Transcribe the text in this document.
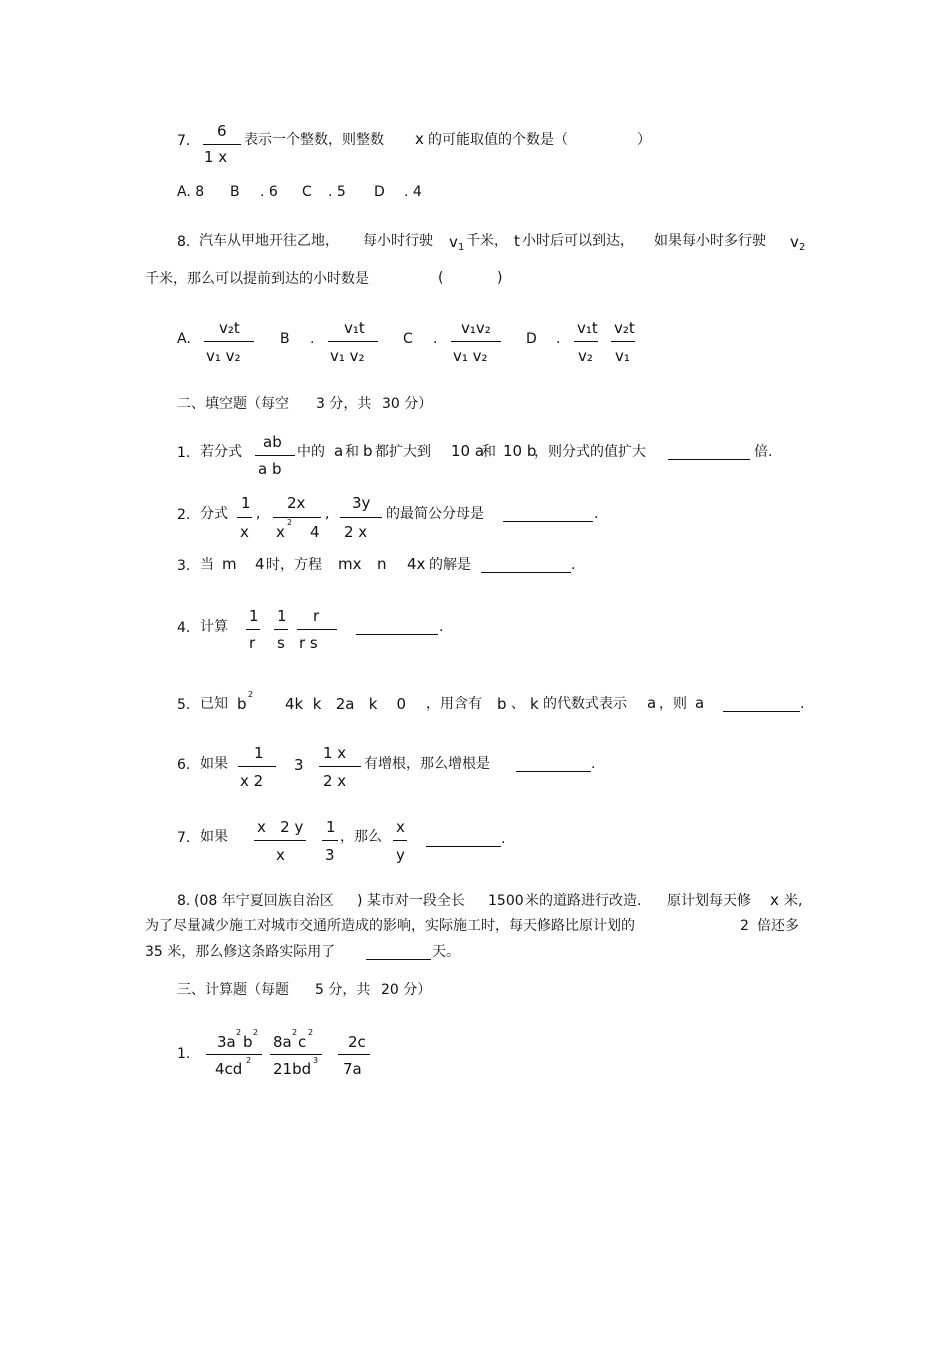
7.
6
1 x
表示一个整数，则整数 x 的可能取值的个数是（	）
A. 8 B . 6 C . 5 D . 4
8. 汽车从甲地开往乙地， 每小时行驶 v 1 千米， t 小时后可以到达， 如果每小时多行驶 v 2
千米，那么可以提前到达的小时数是	(	)
A.
v₂t
v₁ v₂
B .
v₁t
v₁ v₂
C .
v₁v₂
v₁ v₂
D .
v₁t
v₂
v₂t
v₁
二、填空题（每空 3 分，共 30 分）
1. 若分式
ab
a b
中的 a 和 b 都扩大到 10 a
和 10 b
，则分式的值扩大	倍.
2. 分式
1
x
,
2x
x
2
4
,
3y
2 x
的最简公分母是	.
3. 当 m 4 时，方程 mx n 4x 的解是	.
4. 计算
1
r
1
s
r
r s
.
5. 已知 b
2
4k  k   2a   k    0 ，用含有 b 、 k 的代数式表示 a ，则 a	.
6. 如果
1
x 2
3
1 x
2 x
有增根，那么增根是	.
7. 如果
x   2 y
x
1
3
，那么
x
y
.
8. (08 年宁夏回族自治区 ) 某市对一段全长 1500 米的道路进行改造. 原计划每天修 x 米,
为了尽量减少施工对城市交通所造成的影响，实际施工时，每天修路比原计划的	2 倍还多
35 米，那么修这条路实际用了	天。
三、计算题（每题 5 分，共 20 分）
1.
3a
2
b
2
4cd 2
8a
2
c
2
21bd 3
2c
7a
